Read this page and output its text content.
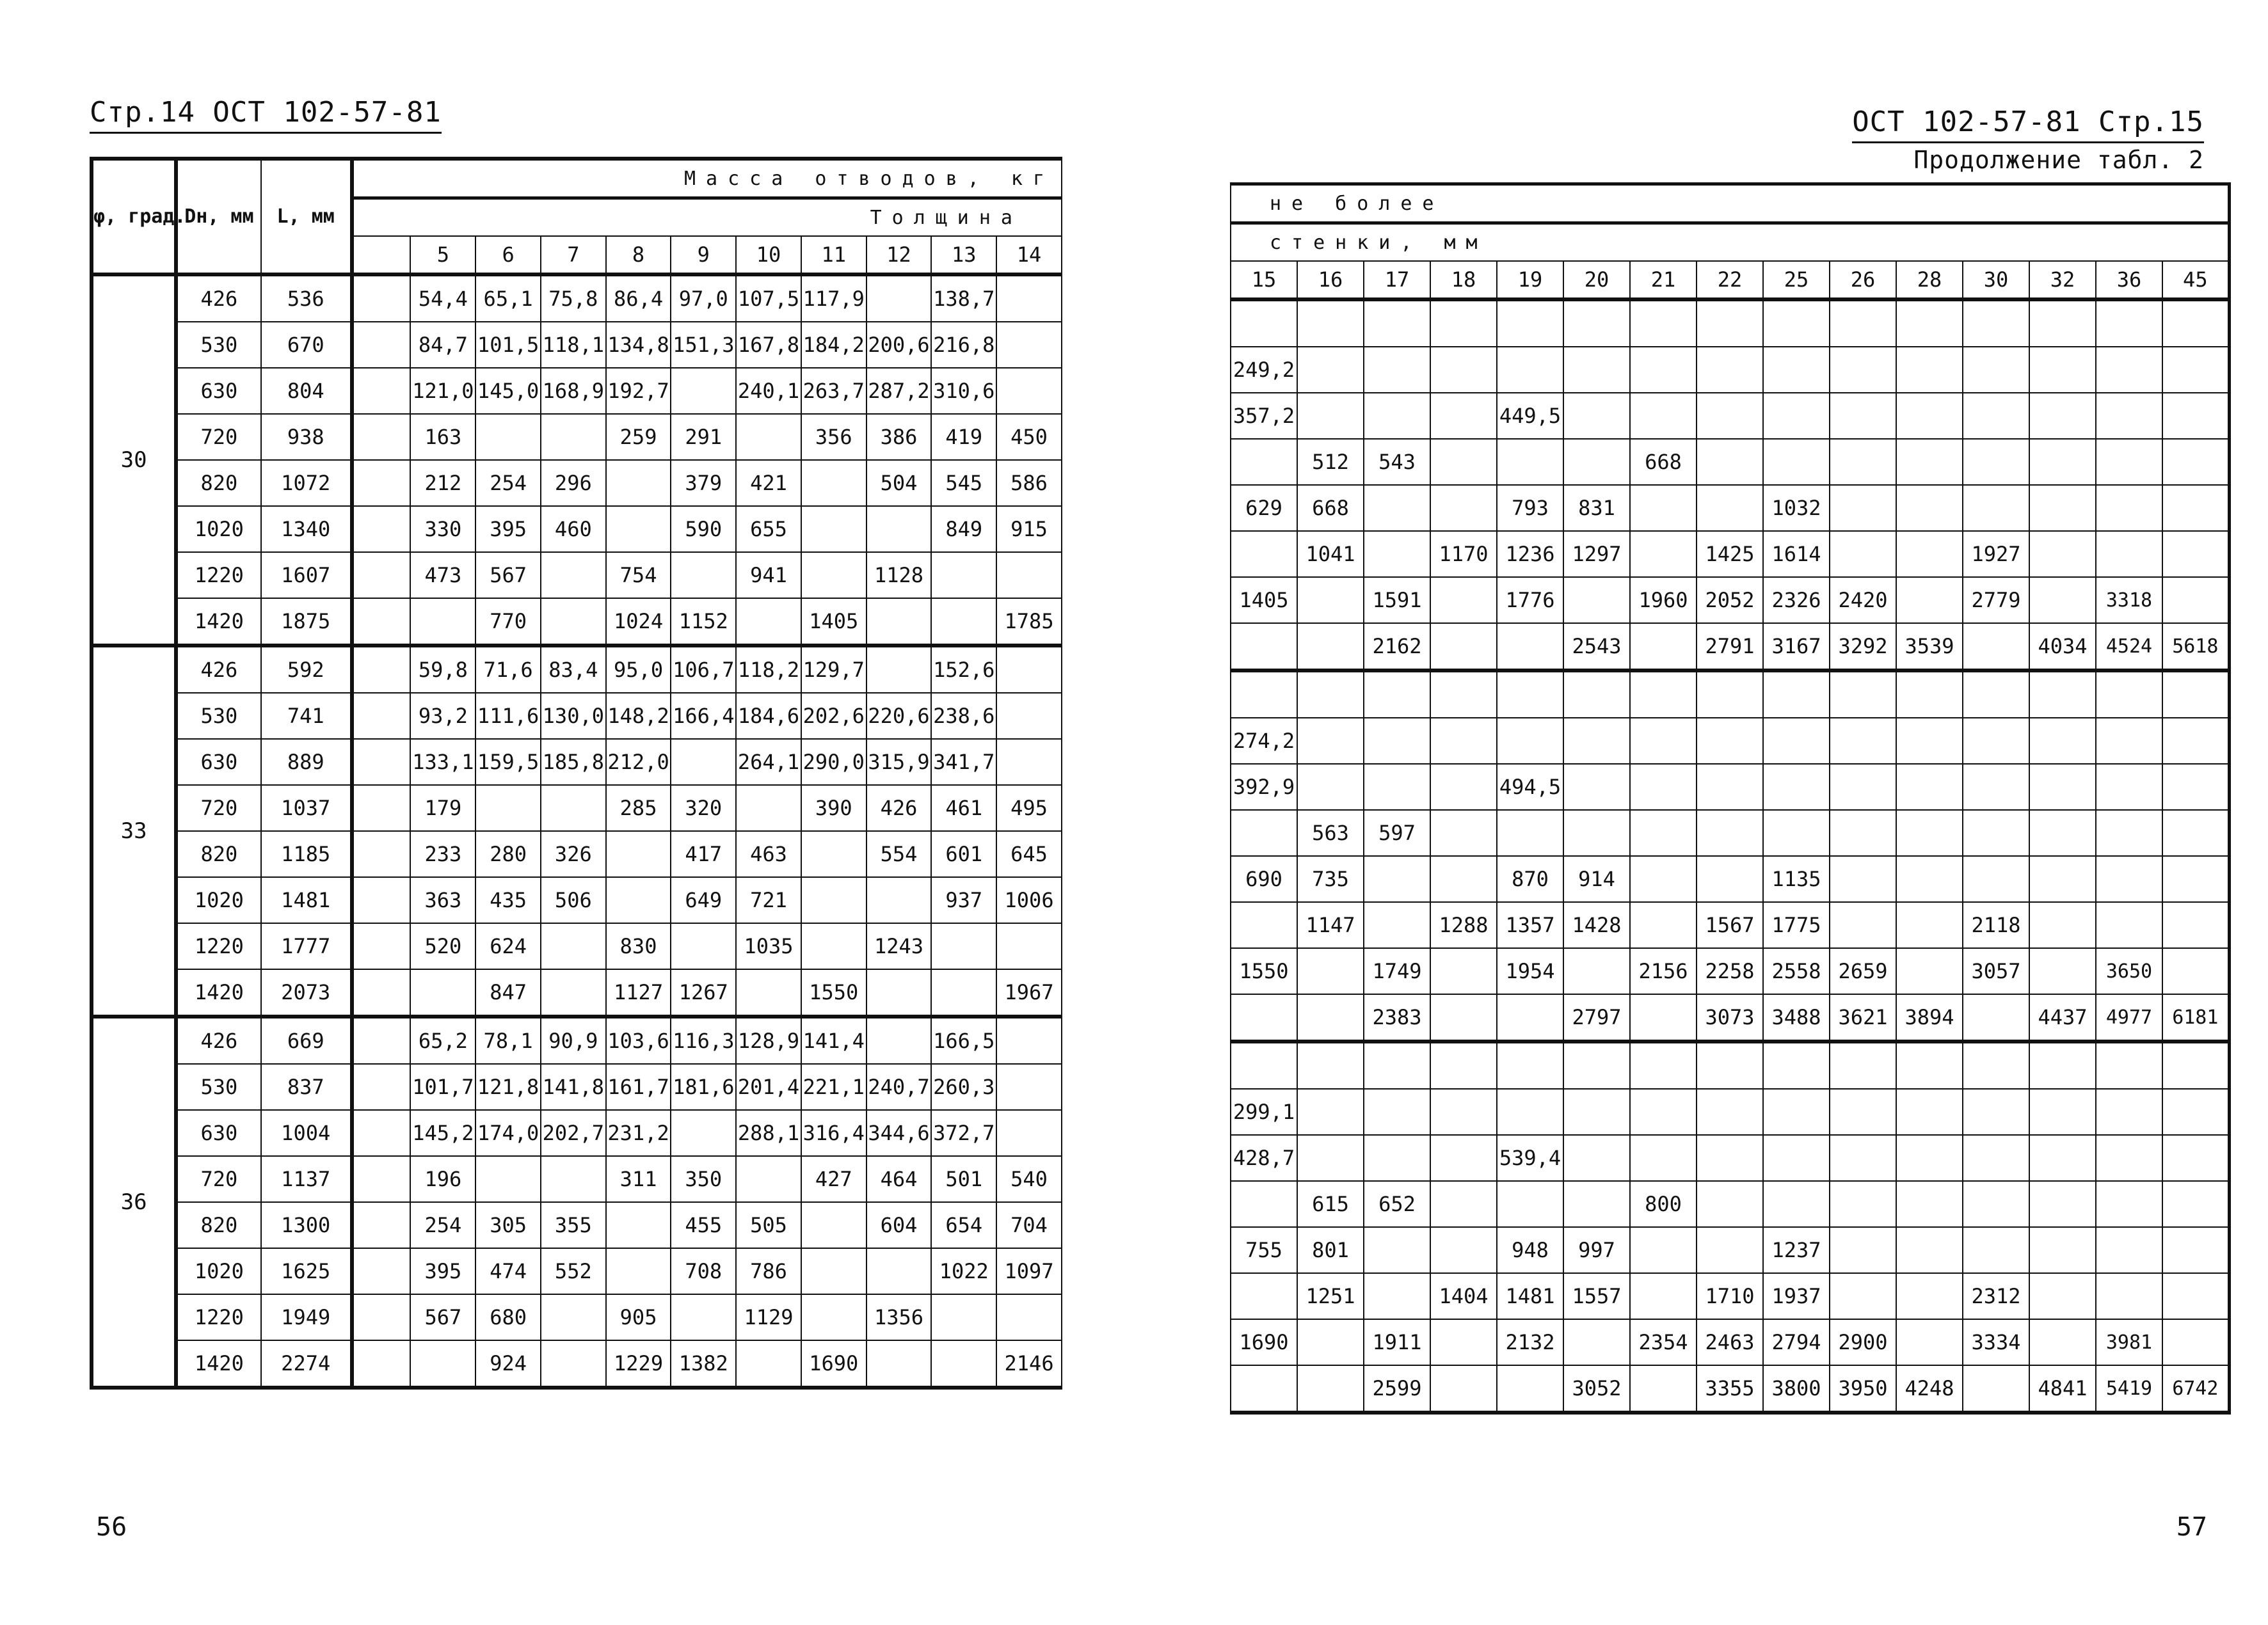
Стр.14 ОСТ 102-57-81
φ, град.	Dн, мм	L, мм	Масса отводов, кг										
			Толщина										
				5	6	7	8	9	10	11	12	13	14
30	426	536		54,4	65,1	75,8	86,4	97,0	107,5	117,9		138,7	
	530	670		84,7	101,5	118,1	134,8	151,3	167,8	184,2	200,6	216,8	
	630	804		121,0	145,0	168,9	192,7		240,1	263,7	287,2	310,6	
	720	938		163			259	291		356	386	419	450
	820	1072		212	254	296		379	421		504	545	586
	1020	1340		330	395	460		590	655			849	915
	1220	1607		473	567		754		941		1128		
	1420	1875			770		1024	1152		1405			1785
33	426	592		59,8	71,6	83,4	95,0	106,7	118,2	129,7		152,6	
	530	741		93,2	111,6	130,0	148,2	166,4	184,6	202,6	220,6	238,6	
	630	889		133,1	159,5	185,8	212,0		264,1	290,0	315,9	341,7	
	720	1037		179			285	320		390	426	461	495
	820	1185		233	280	326		417	463		554	601	645
	1020	1481		363	435	506		649	721			937	1006
	1220	1777		520	624		830		1035		1243		
	1420	2073			847		1127	1267		1550			1967
36	426	669		65,2	78,1	90,9	103,6	116,3	128,9	141,4		166,5	
	530	837		101,7	121,8	141,8	161,7	181,6	201,4	221,1	240,7	260,3	
	630	1004		145,2	174,0	202,7	231,2		288,1	316,4	344,6	372,7	
	720	1137		196			311	350		427	464	501	540
	820	1300		254	305	355		455	505		604	654	704
	1020	1625		395	474	552		708	786			1022	1097
	1220	1949		567	680		905		1129		1356		
	1420	2274			924		1229	1382		1690			2146
56
ОСТ 102-57-81 Стр.15
Продолжение табл. 2
не более														
стенки, мм														
15	16	17	18	19	20	21	22	25	26	28	30	32	36	45

249,2														
357,2				449,5										
	512	543				668								
629	668			793	831			1032						
	1041		1170	1236	1297		1425	1614			1927			
1405		1591		1776		1960	2052	2326	2420		2779		3318	
		2162			2543		2791	3167	3292	3539		4034	4524	5618

274,2														
392,9				494,5										
	563	597												
690	735			870	914			1135						
	1147		1288	1357	1428		1567	1775			2118			
1550		1749		1954		2156	2258	2558	2659		3057		3650	
		2383			2797		3073	3488	3621	3894		4437	4977	6181

299,1														
428,7				539,4										
	615	652				800								
755	801			948	997			1237						
	1251		1404	1481	1557		1710	1937			2312			
1690		1911		2132		2354	2463	2794	2900		3334		3981	
		2599			3052		3355	3800	3950	4248		4841	5419	6742
57
